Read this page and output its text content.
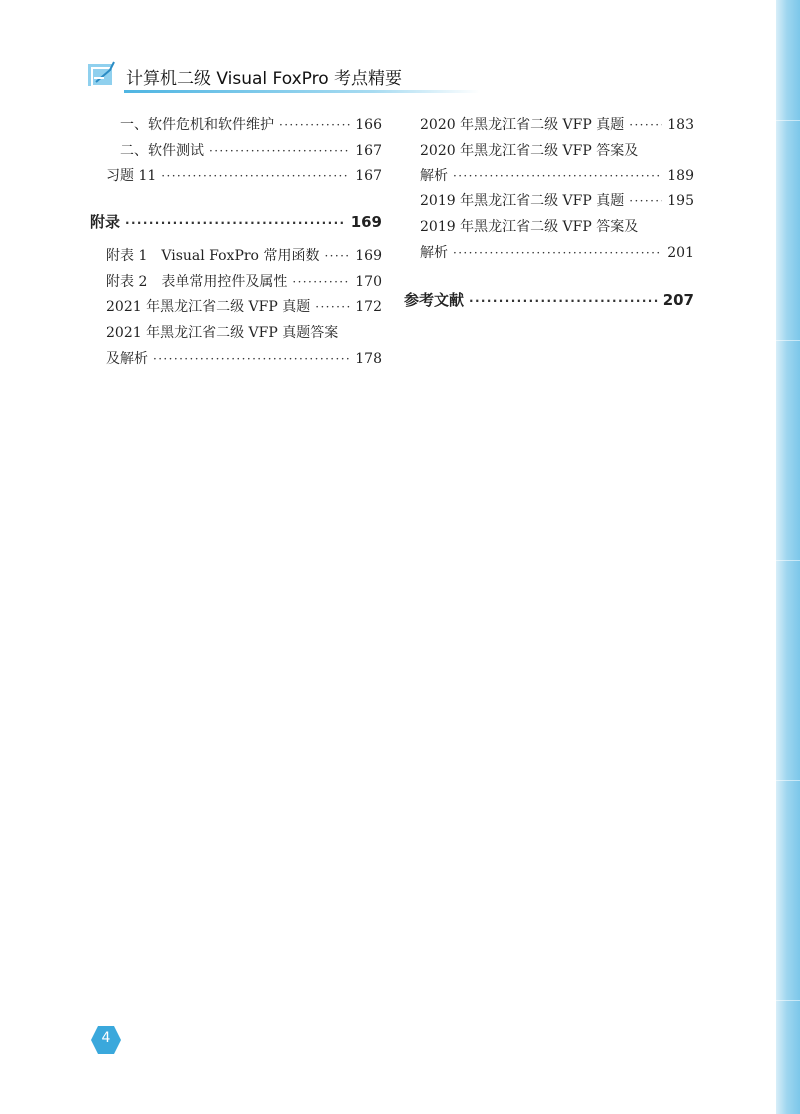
计算机二级 Visual FoxPro 考点精要
一、软件危机和软件维护 ·····	166
二、软件测试 ·····	167
习题 11 ·····	167
附录 ·····	169
附表 1　Visual FoxPro 常用函数 ·····	169
附表 2　表单常用控件及属性 ·····	170
2021 年黑龙江省二级 VFP 真题 ·····	172
2021 年黑龙江省二级 VFP 真题答案
及解析 ·····	178
2020 年黑龙江省二级 VFP 真题 ·····	183
2020 年黑龙江省二级 VFP 答案及
解析 ·····	189
2019 年黑龙江省二级 VFP 真题 ·····	195
2019 年黑龙江省二级 VFP 答案及
解析 ·····	201
参考文献 ·····	207
4
